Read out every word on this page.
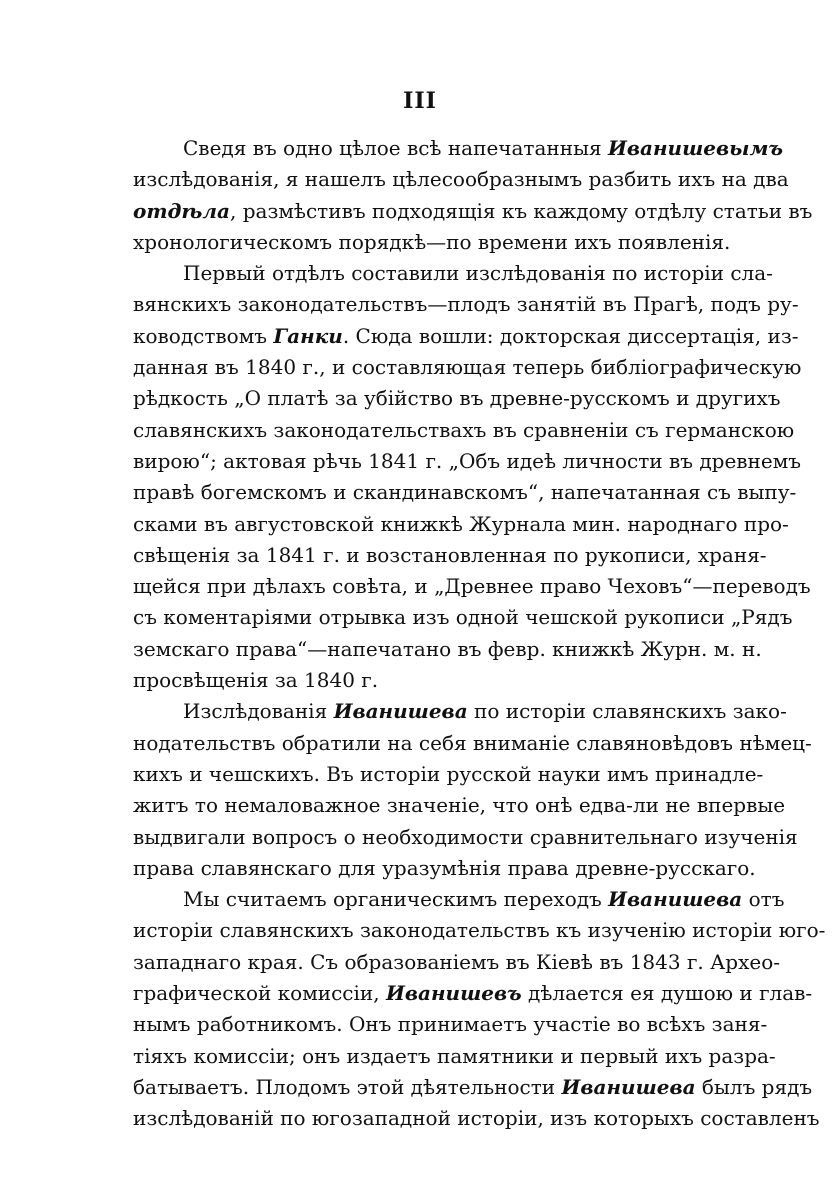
III
Сведя въ одно цѣлое всѣ напечатанныя Иванишевымъ
изслѣдованія, я нашелъ цѣлесообразнымъ разбить ихъ на два
отдѣла, размѣстивъ подходящія къ каждому отдѣлу статьи въ
хронологическомъ порядкѣ—по времени ихъ появленія.
Первый отдѣлъ составили изслѣдованія по исторіи сла-
вянскихъ законодательствъ—плодъ занятій въ Прагѣ, подъ ру-
ководствомъ Ганки. Сюда вошли: докторская диссертація, из-
данная въ 1840 г., и составляющая теперь библіографическую
рѣдкость „О платѣ за убійство въ древне-русскомъ и другихъ
славянскихъ законодательствахъ въ сравненіи съ германскою
вирою“; актовая рѣчь 1841 г. „Объ идеѣ личности въ древнемъ
правѣ богемскомъ и скандинавскомъ“, напечатанная съ выпу-
сками въ августовской книжкѣ Журнала мин. народнаго про-
свѣщенія за 1841 г. и возстановленная по рукописи, храня-
щейся при дѣлахъ совѣта, и „Древнее право Чеховъ“—переводъ
съ коментаріями отрывка изъ одной чешской рукописи „Рядъ
земскаго права“—напечатано въ февр. книжкѣ Журн. м. н.
просвѣщенія за 1840 г.
Изслѣдованія Иванишева по исторіи славянскихъ зако-
нодательствъ обратили на себя вниманіе славяновѣдовъ нѣмец-
кихъ и чешскихъ. Въ исторіи русской науки имъ принадле-
житъ то немаловажное значеніе, что онѣ едва-ли не впервые
выдвигали вопросъ о необходимости сравнительнаго изученія
права славянскаго для уразумѣнія права древне-русскаго.
Мы считаемъ органическимъ переходъ Иванишева отъ
исторіи славянскихъ законодательствъ къ изученію исторіи юго-
западнаго края. Съ образованіемъ въ Кіевѣ въ 1843 г. Археo-
графической комиссіи, Иванишевъ дѣлается ея душою и глав-
нымъ работникомъ. Онъ принимаетъ участіе во всѣхъ заня-
тіяхъ комиссіи; онъ издаетъ памятники и первый ихъ разра-
батываетъ. Плодомъ этой дѣятельности Иванишева былъ рядъ
изслѣдованій по югозападной исторіи, изъ которыхъ составленъ
